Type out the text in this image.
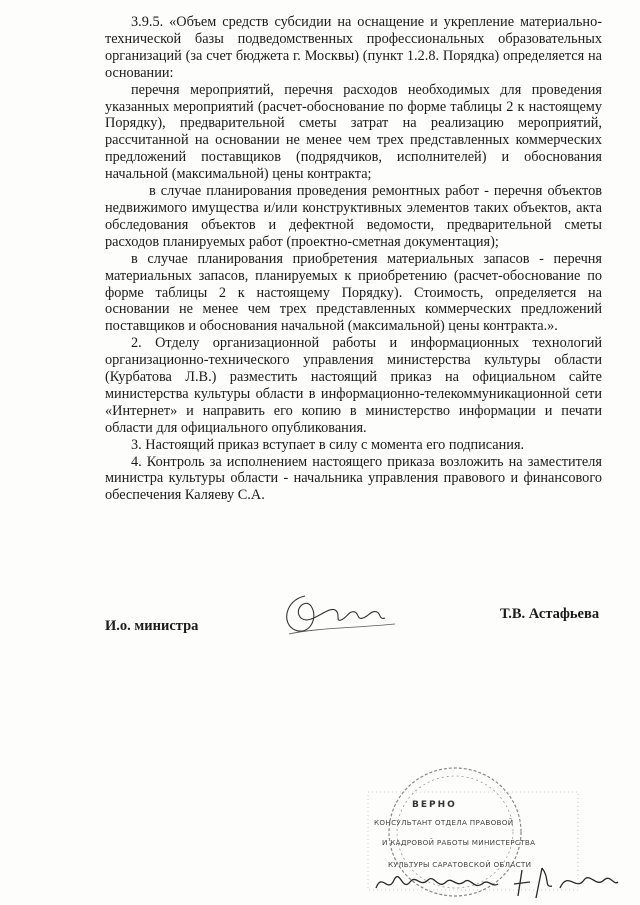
3.9.5. «Объем средств субсидии на оснащение и укрепление материально-технической базы подведомственных профессиональных образовательных организаций (за счет бюджета г. Москвы) (пункт 1.2.8. Порядка) определяется на основании:

перечня мероприятий, перечня расходов необходимых для проведения указанных мероприятий (расчет-обоснование по форме таблицы 2 к настоящему Порядку), предварительной сметы затрат на реализацию мероприятий, рассчитанной на основании не менее чем трех представленных коммерческих предложений поставщиков (подрядчиков, исполнителей) и обоснования начальной (максимальной) цены контракта;

в случае планирования проведения ремонтных работ - перечня объектов недвижимого имущества и/или конструктивных элементов таких объектов, акта обследования объектов и дефектной ведомости, предварительной сметы расходов планируемых работ (проектно-сметная документация);

в случае планирования приобретения материальных запасов - перечня материальных запасов, планируемых к приобретению (расчет-обоснование по форме таблицы 2 к настоящему Порядку). Стоимость, определяется на основании не менее чем трех представленных коммерческих предложений поставщиков и обоснования начальной (максимальной) цены контракта.».

2. Отделу организационной работы и информационных технологий организационно-технического управления министерства культуры области (Курбатова Л.В.) разместить настоящий приказ на официальном сайте министерства культуры области в информационно-телекоммуникационной сети «Интернет» и направить его копию в министерство информации и печати области для официального опубликования.

3. Настоящий приказ вступает в силу с момента его подписания.

4. Контроль за исполнением настоящего приказа возложить на заместителя министра культуры области - начальника управления правового и финансового обеспечения Каляеву С.А.

И.о. министра
Т.В. Астафьева
ВЕРНО
КОНСУЛЬТАНТ ОТДЕЛА ПРАВОВОЙ
И КАДРОВОЙ РАБОТЫ МИНИСТЕРСТВА
КУЛЬТУРЫ САРАТОВСКОЙ ОБЛАСТИ
